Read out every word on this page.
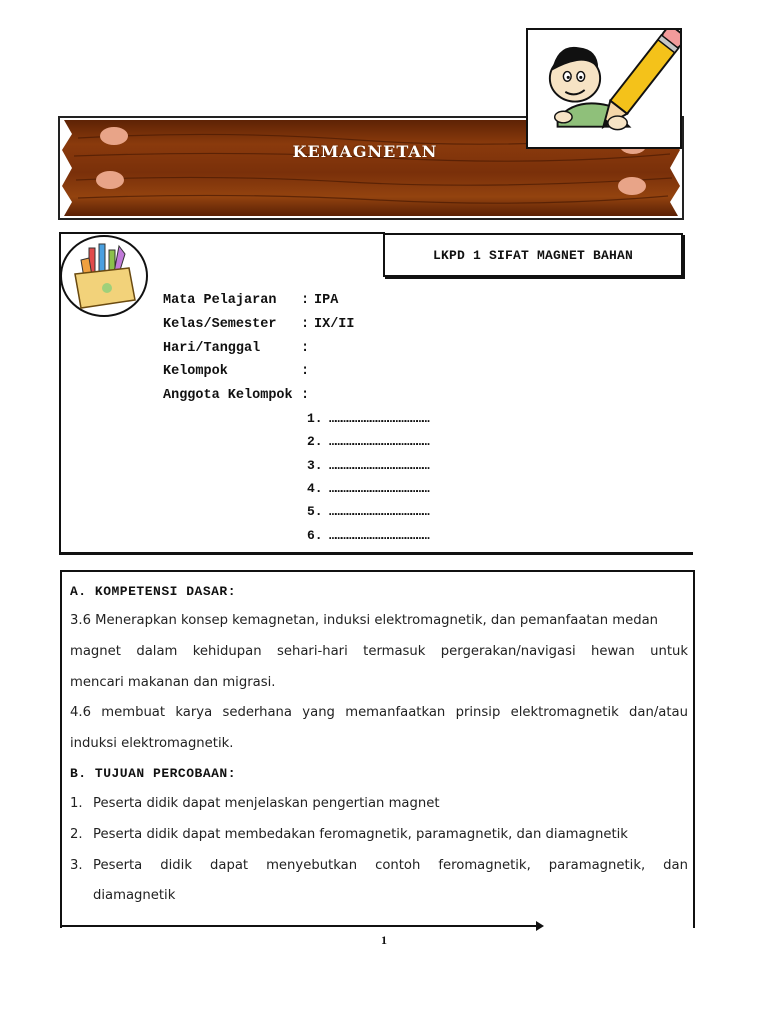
KEMAGNETAN
LKPD 1 SIFAT MAGNET BAHAN
Mata Pelajaran	: IPA
Kelas/Semester	: IX/II
Hari/Tanggal	:
Kelompok	:
Anggota Kelompok :
1. ……………………………………………
2. ……………………………………………
3. ……………………………………………
4. ……………………………………………
5. ……………………………………………
6. ……………………………………………
A. KOMPETENSI DASAR:
3.6 Menerapkan konsep kemagnetan, induksi elektromagnetik, dan pemanfaatan medan
magnet dalam kehidupan sehari-hari termasuk pergerakan/navigasi hewan untuk
mencari makanan dan migrasi.
4.6 membuat karya sederhana yang memanfaatkan prinsip elektromagnetik dan/atau
induksi elektromagnetik.
B. TUJUAN PERCOBAAN:
1. Peserta didik dapat menjelaskan pengertian magnet
2. Peserta didik dapat membedakan feromagnetik, paramagnetik, dan diamagnetik
3. Peserta didik dapat menyebutkan contoh feromagnetik, paramagnetik, dan
diamagnetik
1
